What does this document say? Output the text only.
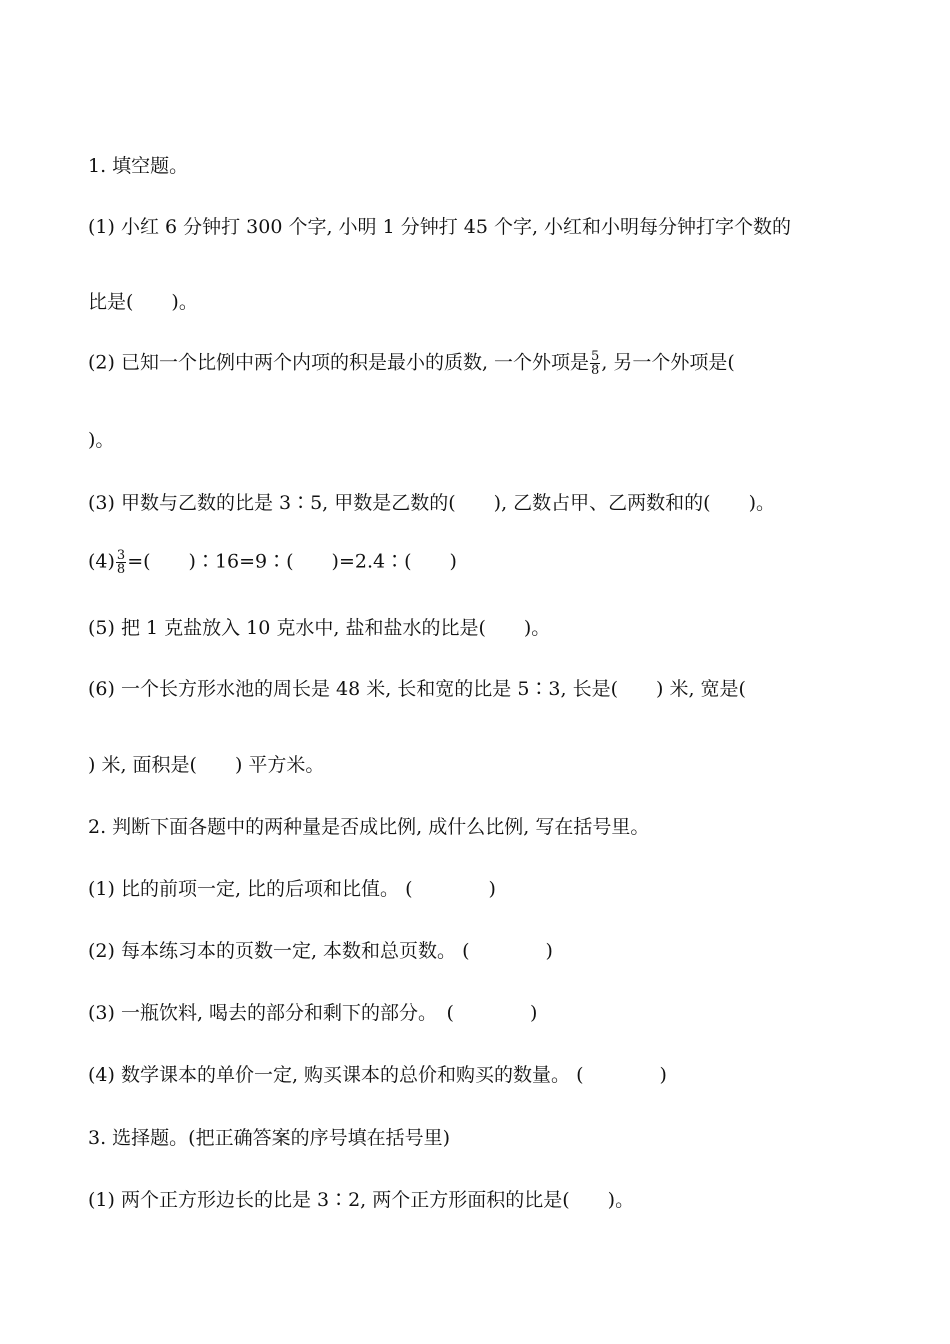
1. 填空题。
(1) 小红 6 分钟打 300 个字, 小明 1 分钟打 45 个字, 小红和小明每分钟打字个数的
比是(　　)。
(2) 已知一个比例中两个内项的积是最小的质数, 一个外项是 $\frac{5}{8}$ , 另一个外项是(
)。
(3) 甲数与乙数的比是 3∶5, 甲数是乙数的(　　), 乙数占甲、乙两数和的(　　)。
$(4) \frac{3}{8}$ =(　　)∶16=9∶(　　)=2.4∶(　　)
(5) 把 1 克盐放入 10 克水中, 盐和盐水的比是(　　)。
(6) 一个长方形水池的周长是 48 米, 长和宽的比是 5∶3, 长是(　　) 米, 宽是(
) 米, 面积是(　　) 平方米。
2. 判断下面各题中的两种量是否成比例, 成什么比例, 写在括号里。
(1) 比的前项一定, 比的后项和比值。 (　　　　)
(2) 每本练习本的页数一定, 本数和总页数。 (　　　　)
(3) 一瓶饮料, 喝去的部分和剩下的部分。　(　　　　)
(4) 数学课本的单价一定, 购买课本的总价和购买的数量。 (　　　　)
3. 选择题。(把正确答案的序号填在括号里)
(1) 两个正方形边长的比是 3∶2, 两个正方形面积的比是(　　)。
